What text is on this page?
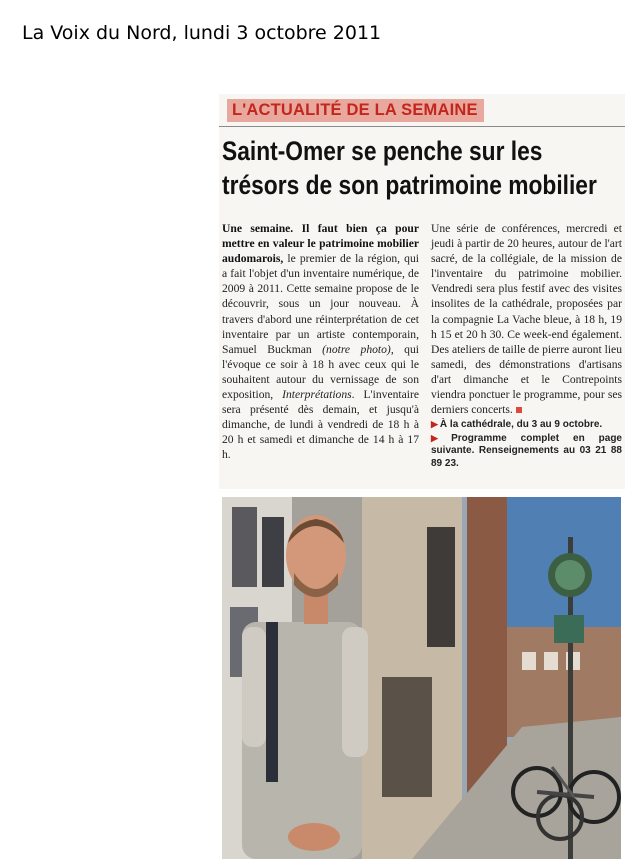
La Voix du Nord, lundi 3 octobre 2011
L'ACTUALITÉ DE LA SEMAINE
Saint-Omer se penche sur les
trésors de son patrimoine mobilier

Une semaine. Il faut bien ça pour mettre en valeur le patrimoine mobilier audomarois, le premier de la région, qui a fait l'objet d'un inventaire numérique, de 2009 à 2011. Cette semaine propose de le découvrir, sous un jour nouveau. À travers d'abord une réinterprétation de cet inventaire par un artiste contemporain, Samuel Buckman (notre photo), qui l'évoque ce soir à 18 h avec ceux qui le souhaitent autour du vernissage de son exposition, Interprétations. L'inventaire sera présenté dès demain, et jusqu'à dimanche, de lundi à vendredi de 18 h à 20 h et samedi et dimanche de 14 h à 17 h.

Une série de conférences, mercredi et jeudi à partir de 20 heures, autour de l'art sacré, de la collégiale, de la mission de l'inventaire du patrimoine mobilier. Vendredi sera plus festif avec des visites insolites de la cathédrale, proposées par la compagnie La Vache bleue, à 18 h, 19 h 15 et 20 h 30. Ce week-end également. Des ateliers de taille de pierre auront lieu samedi, des démonstrations d'artisans d'art dimanche et le Contrepoints viendra ponctuer le programme, pour ses derniers concerts.

▶ À la cathédrale, du 3 au 9 octobre.
▶ Programme complet en page suivante. Renseignements au 03 21 88 89 23.
